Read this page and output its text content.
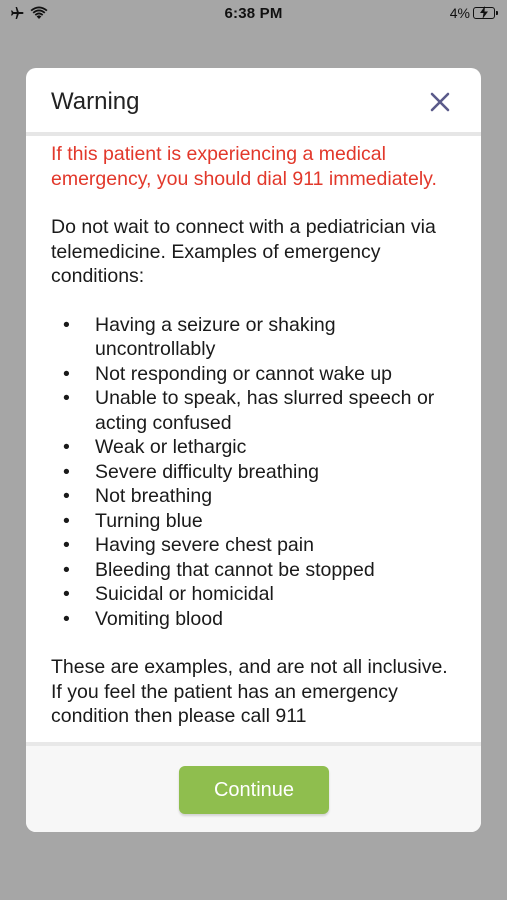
6:38 PM	4%
Warning

If this patient is experiencing a medical emergency, you should dial 911 immediately.

Do not wait to connect with a pediatrician via telemedicine. Examples of emergency conditions:

• Having a seizure or shaking uncontrollably
• Not responding or cannot wake up
• Unable to speak, has slurred speech or acting confused
• Weak or lethargic
• Severe difficulty breathing
• Not breathing
• Turning blue
• Having severe chest pain
• Bleeding that cannot be stopped
• Suicidal or homicidal
• Vomiting blood

These are examples, and are not all inclusive. If you feel the patient has an emergency condition then please call 911

Continue
